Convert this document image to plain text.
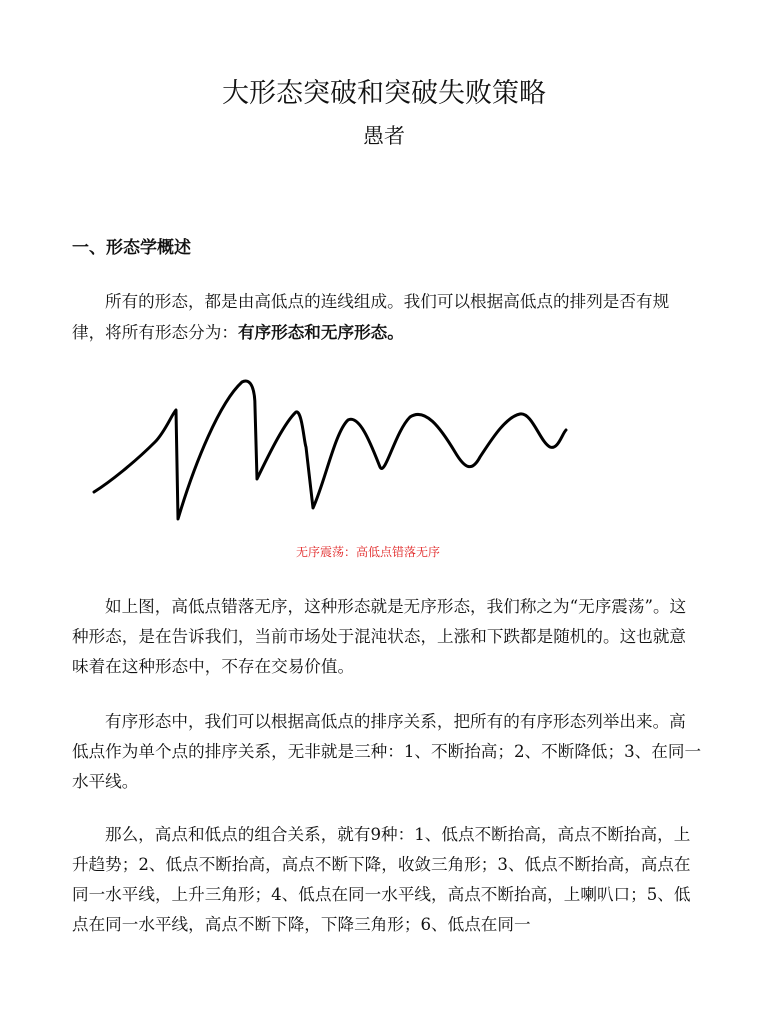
大形态突破和突破失败策略
愚者
一、形态学概述

所有的形态，都是由高低点的连线组成。我们可以根据高低点的排列是否有规律，将所有形态分为：有序形态和无序形态。

无序震荡：高低点错落无序

如上图，高低点错落无序，这种形态就是无序形态，我们称之为“无序震荡”。这种形态，是在告诉我们，当前市场处于混沌状态，上涨和下跌都是随机的。这也就意味着在这种形态中，不存在交易价值。

有序形态中，我们可以根据高低点的排序关系，把所有的有序形态列举出来。高低点作为单个点的排序关系，无非就是三种：1、不断抬高；2、不断降低；3、在同一水平线。

那么，高点和低点的组合关系，就有9种：1、低点不断抬高，高点不断抬高，上升趋势；2、低点不断抬高，高点不断下降，收敛三角形；3、低点不断抬高，高点在同一水平线，上升三角形；4、低点在同一水平线，高点不断抬高，上喇叭口；5、低点在同一水平线，高点不断下降，下降三角形；6、低点在同一
